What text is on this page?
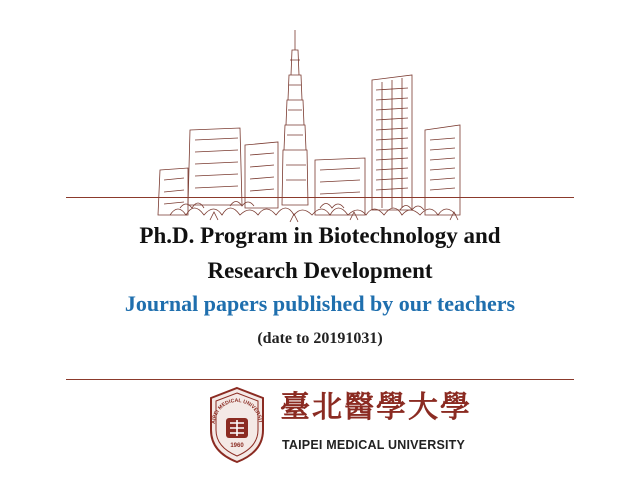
Ph.D. Program in Biotechnology and
Research Development
Journal papers published by our teachers
(date to 20191031)
AIPEI MEDICAL UNIVERSIT
1960
臺北醫學大學
TAIPEI MEDICAL UNIVERSITY
